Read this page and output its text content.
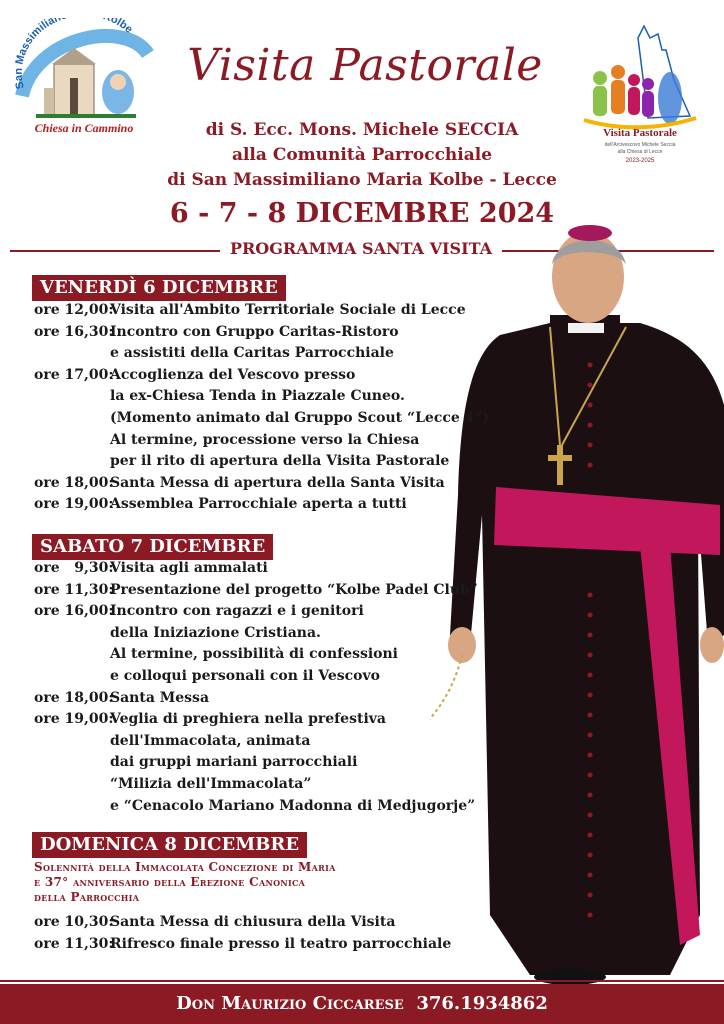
Sa Massimilian olbe
Chiesa in Cammino	Visita Pastorale
dell'Arcivescovo Michele Seccia
alla Chiesa di Lecce
2023-2025
Visita Pastorale
di S. Ecc. Mons. Michele SECCIA
alla Comunità Parrocchiale
di San Massimiliano Maria Kolbe - Lecce
6 - 7 - 8 DICEMBRE 2024
PROGRAMMA SANTA VISITA
VENERDÌ 6 DICEMBRE
ore 12,00:
Visita all'Ambito Territoriale Sociale di Lecce
ore 16,30:
Incontro con Gruppo Caritas-Ristoro
e assistiti della Caritas Parrocchiale
ore 17,00:
Accoglienza del Vescovo presso
la ex-Chiesa Tenda in Piazzale Cuneo.
(Momento animato dal Gruppo Scout “Lecce 4”)
Al termine, processione verso la Chiesa
per il rito di apertura della Visita Pastorale
ore 18,00:
Santa Messa di apertura della Santa Visita
ore 19,00:
Assemblea Parrocchiale aperta a tutti
SABATO 7 DICEMBRE
ore   9,30:
Visita agli ammalati
ore 11,30:
Presentazione del progetto “Kolbe Padel Club”
ore 16,00:
Incontro con ragazzi e i genitori
della Iniziazione Cristiana.
Al termine, possibilità di confessioni
e colloqui personali con il Vescovo
ore 18,00:
Santa Messa
ore 19,00:
Veglia di preghiera nella prefestiva
dell'Immacolata, animata
dai gruppi mariani parrocchiali
“Milizia dell'Immacolata”
e “Cenacolo Mariano Madonna di Medjugorje”
DOMENICA 8 DICEMBRE
Solennità della Immacolata Concezione di Maria
e 37° anniversario della Erezione Canonica
della Parrocchia
ore 10,30:
Santa Messa di chiusura della Visita
ore 11,30:
Rifresco finale presso il teatro parrocchiale
Don Maurizio Ciccarese  376.1934862
